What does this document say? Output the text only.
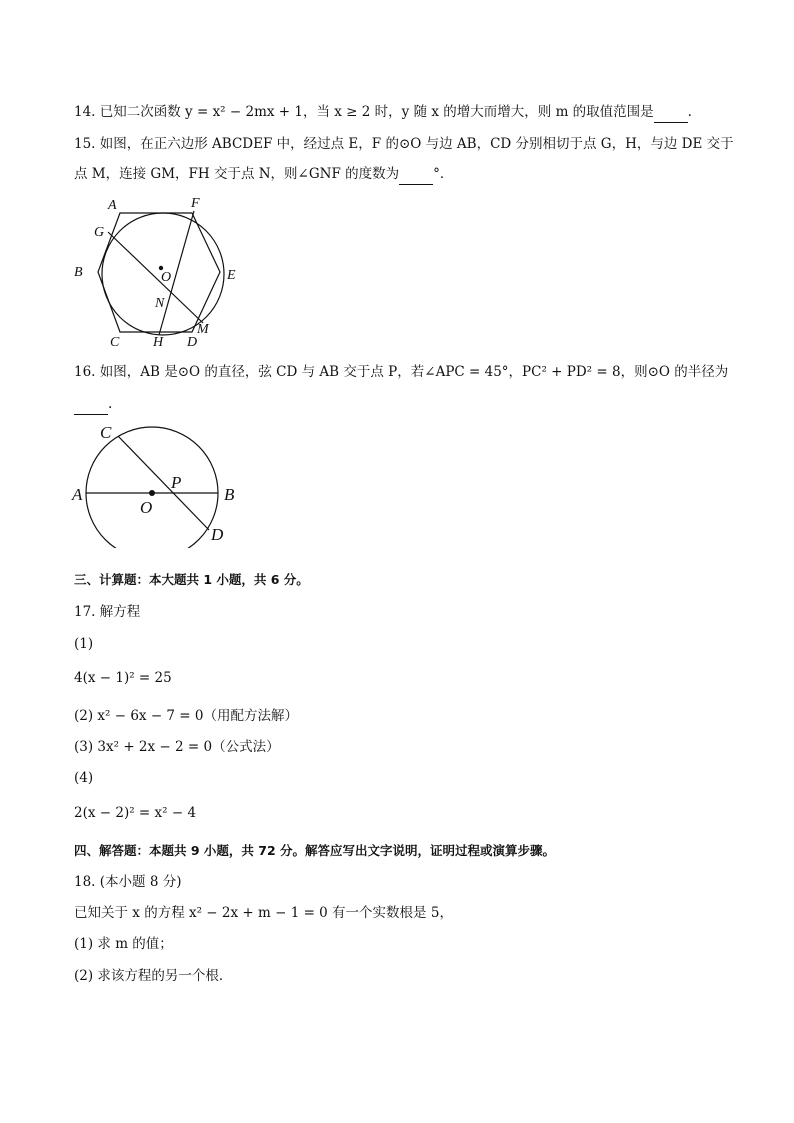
14. 已知二次函数 y = x² − 2mx + 1，当 x ≥ 2 时，y 随 x 的增大而增大，则 m 的取值范围是	.
15. 如图，在正六边形 ABCDEF 中，经过点 E，F 的⊙O 与边 AB，CD 分别相切于点 G，H，与边 DE 交于
点 M，连接 GM，FH 交于点 N，则∠GNF 的度数为	°．
A	F
G
B	O	E
N
M
C H D
16. 如图，AB 是⊙O 的直径，弦 CD 与 AB 交于点 P，若∠APC = 45°，PC² + PD² = 8，则⊙O 的半径为
.
C
A
P
B
O
D
三、计算题：本大题共 1 小题，共 6 分。
17. 解方程
(1)
4(x − 1)² = 25
(2) x² − 6x − 7 = 0（用配方法解）
(3) 3x² + 2x − 2 = 0（公式法）
(4)
2(x − 2)² = x² − 4
四、解答题：本题共 9 小题，共 72 分。解答应写出文字说明，证明过程或演算步骤。
18. (本小题 8 分)
已知关于 x 的方程 x² − 2x + m − 1 = 0 有一个实数根是 5，
(1) 求 m 的值；
(2) 求该方程的另一个根．
